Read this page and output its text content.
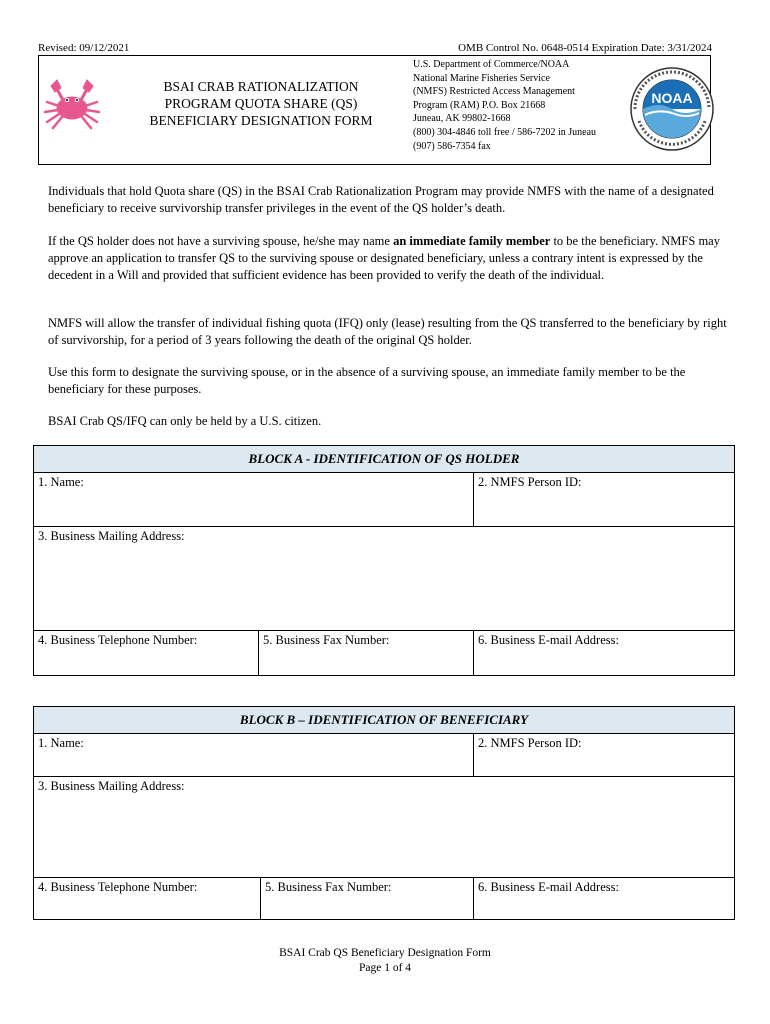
Revised: 09/12/2021	OMB Control No. 0648-0514 Expiration Date: 3/31/2024
BSAI CRAB RATIONALIZATION
PROGRAM QUOTA SHARE (QS)
BENEFICIARY DESIGNATION FORM
U.S. Department of Commerce/NOAA
National Marine Fisheries Service
(NMFS) Restricted Access Management
Program (RAM) P.O. Box 21668
Juneau, AK 99802-1668
(800) 304-4846 toll free / 586-7202 in Juneau
(907) 586-7354 fax
NOAA

Individuals that hold Quota share (QS) in the BSAI Crab Rationalization Program may provide NMFS with the name of a designated beneficiary to receive survivorship transfer privileges in the event of the QS holder’s death.

If the QS holder does not have a surviving spouse, he/she may name an immediate family member to be the beneficiary. NMFS may approve an application to transfer QS to the surviving spouse or designated beneficiary, unless a contrary intent is expressed by the decedent in a Will and provided that sufficient evidence has been provided to verify the death of the individual.

NMFS will allow the transfer of individual fishing quota (IFQ) only (lease) resulting from the QS transferred to the beneficiary by right of survivorship, for a period of 3 years following the death of the original QS holder.

Use this form to designate the surviving spouse, or in the absence of a surviving spouse, an immediate family member to be the beneficiary for these purposes.

BSAI Crab QS/IFQ can only be held by a U.S. citizen.

BLOCK A - IDENTIFICATION OF QS HOLDER
1. Name:	2. NMFS Person ID:
3. Business Mailing Address:
4. Business Telephone Number:	5. Business Fax Number:	6. Business E-mail Address:
BLOCK B – IDENTIFICATION OF BENEFICIARY
1. Name:	2. NMFS Person ID:
3. Business Mailing Address:
4. Business Telephone Number:	5. Business Fax Number:	6. Business E-mail Address:
BSAI Crab QS Beneficiary Designation Form
Page 1 of 4
